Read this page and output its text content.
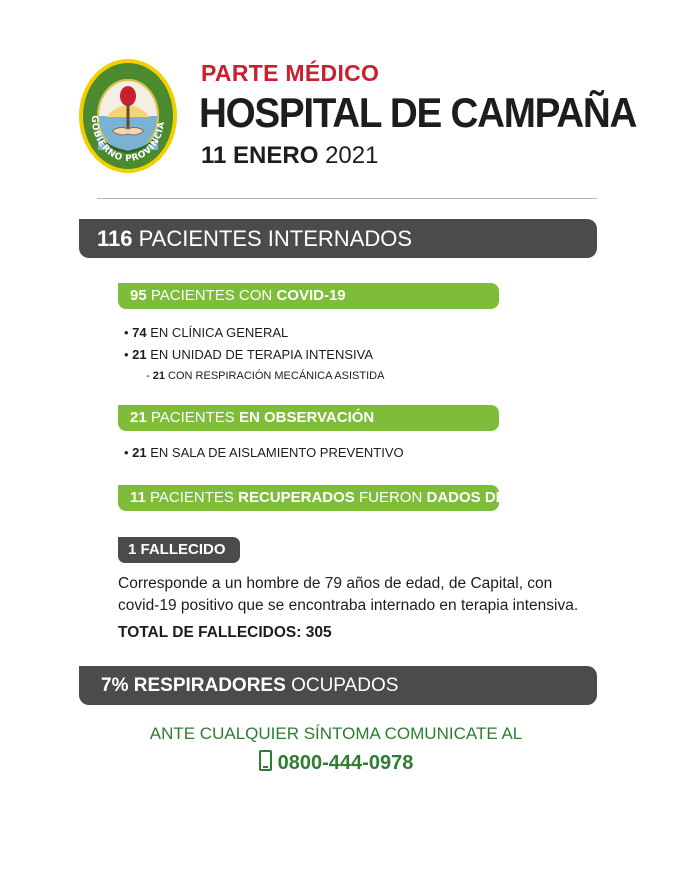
GOBIERNO PROVINCIA
PARTE MÉDICO
HOSPITAL DE CAMPAÑA
11 ENERO 2021
116 PACIENTES INTERNADOS
95 PACIENTES CON COVID-19
• 74 EN CLÍNICA GENERAL
• 21 EN UNIDAD DE TERAPIA INTENSIVA
- 21 CON RESPIRACIÓN MECÁNICA ASISTIDA
21 PACIENTES EN OBSERVACIÓN
• 21 EN SALA DE AISLAMIENTO PREVENTIVO
11 PACIENTES RECUPERADOS FUERON DADOS DE ALTA
1 FALLECIDO
Corresponde a un hombre de 79 años de edad, de Capital, con covid-19 positivo que se encontraba internado en terapia intensiva.
TOTAL DE FALLECIDOS: 305
7% RESPIRADORES OCUPADOS
ANTE CUALQUIER SÍNTOMA COMUNICATE AL
0800-444-0978
